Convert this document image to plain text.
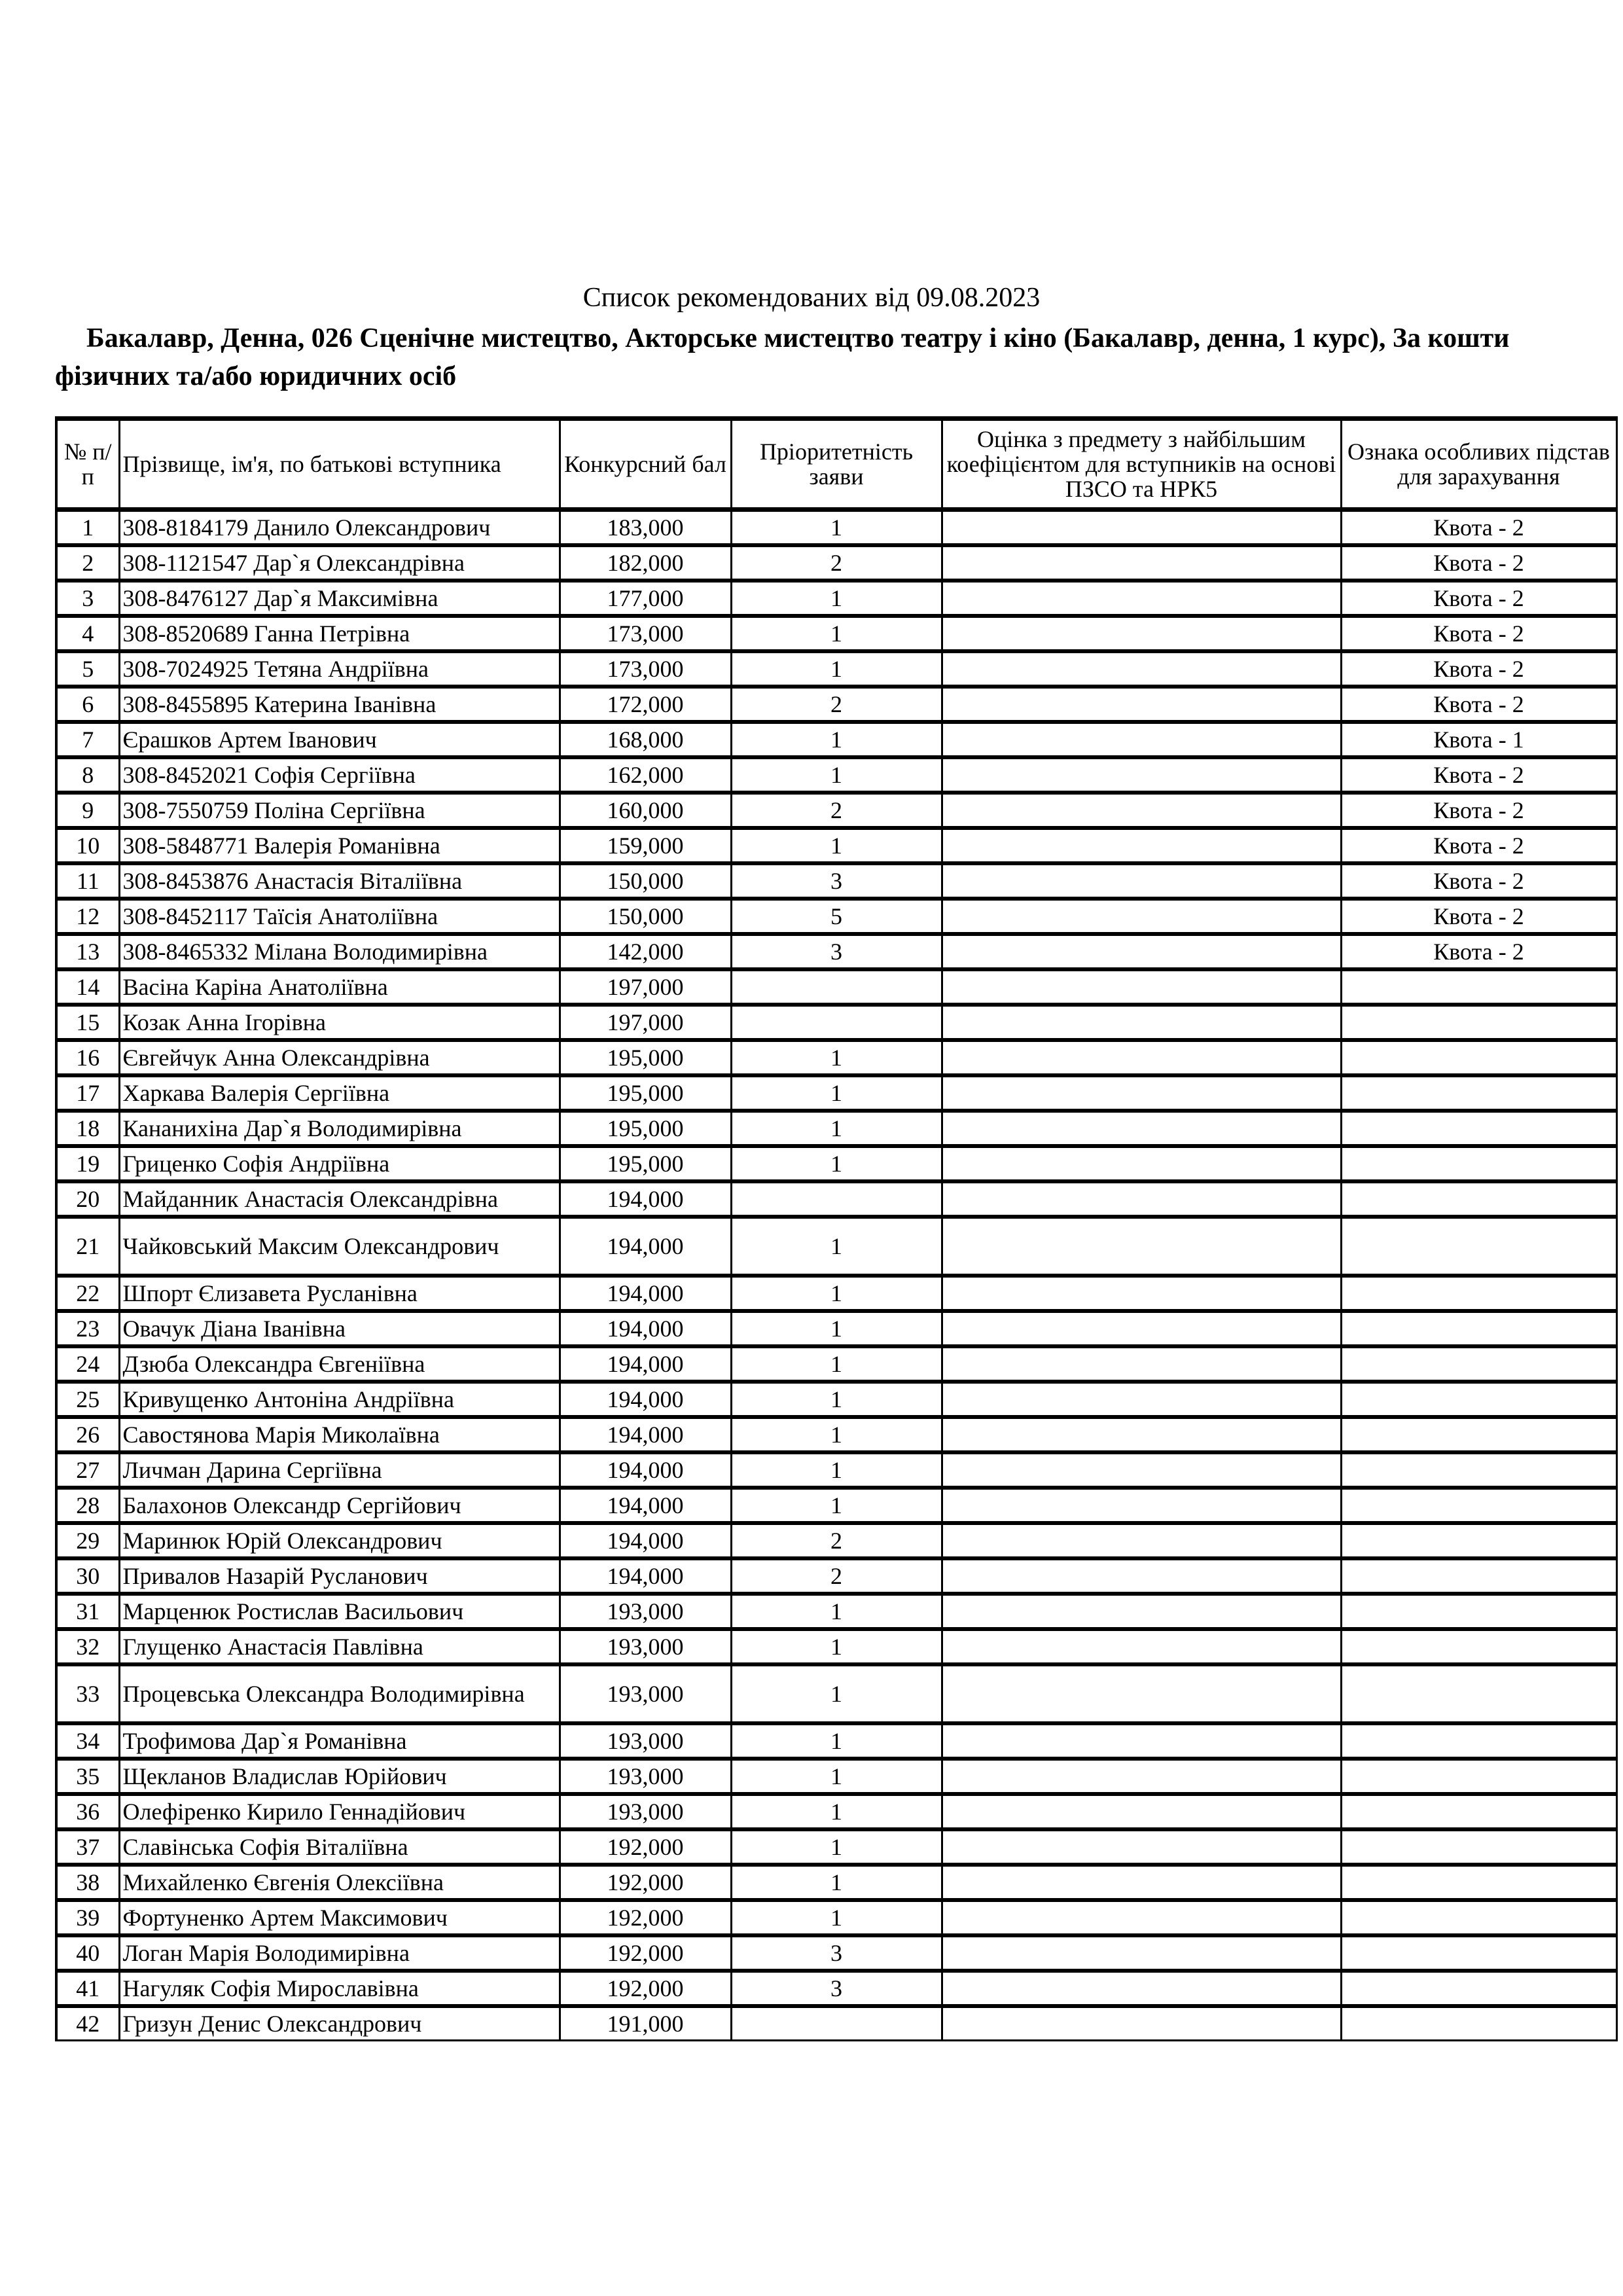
Список рекомендованих від 09.08.2023
Бакалавр, Денна, 026 Сценічне мистецтво, Акторське мистецтво театру і кіно (Бакалавр, денна, 1 курс), За кошти фізичних та/або юридичних осіб
№ п/п	Прізвище, ім'я, по батькові вступника	Конкурсний бал	Пріоритетність заяви	Оцінка з предмету з найбільшим коефіцієнтом для вступників на основі ПЗСО та НРК5	Ознака особливих підстав для зарахування
1	308-8184179 Данило Олександрович	183,000	1		Квота - 2
2	308-1121547 Дар`я Олександрівна	182,000	2		Квота - 2
3	308-8476127 Дар`я Максимівна	177,000	1		Квота - 2
4	308-8520689 Ганна Петрівна	173,000	1		Квота - 2
5	308-7024925 Тетяна Андріївна	173,000	1		Квота - 2
6	308-8455895 Катерина Іванівна	172,000	2		Квота - 2
7	Єрашков Артем Іванович	168,000	1		Квота - 1
8	308-8452021 Софія Сергіївна	162,000	1		Квота - 2
9	308-7550759 Поліна Сергіївна	160,000	2		Квота - 2
10	308-5848771 Валерія Романівна	159,000	1		Квота - 2
11	308-8453876 Анастасія Віталіївна	150,000	3		Квота - 2
12	308-8452117 Таїсія Анатоліївна	150,000	5		Квота - 2
13	308-8465332 Мілана Володимирівна	142,000	3		Квота - 2
14	Васіна Каріна Анатоліївна	197,000			
15	Козак Анна Ігорівна	197,000			
16	Євгейчук Анна Олександрівна	195,000	1		
17	Харкава Валерія Сергіївна	195,000	1		
18	Кананихіна Дар`я Володимирівна	195,000	1		
19	Гриценко Софія Андріївна	195,000	1		
20	Майданник Анастасія Олександрівна	194,000			
21	Чайковський Максим Олександрович	194,000	1		
22	Шпорт Єлизавета Русланівна	194,000	1		
23	Овачук Діана Іванівна	194,000	1		
24	Дзюба Олександра Євгеніївна	194,000	1		
25	Кривущенко Антоніна Андріївна	194,000	1		
26	Савостянова Марія Миколаївна	194,000	1		
27	Личман Дарина Сергіївна	194,000	1		
28	Балахонов Олександр Сергійович	194,000	1		
29	Маринюк Юрій Олександрович	194,000	2		
30	Привалов Назарій Русланович	194,000	2		
31	Марценюк Ростислав Васильович	193,000	1		
32	Глущенко Анастасія Павлівна	193,000	1		
33	Процевська Олександра Володимирівна	193,000	1		
34	Трофимова Дар`я Романівна	193,000	1		
35	Щекланов Владислав Юрійович	193,000	1		
36	Олефіренко Кирило Геннадійович	193,000	1		
37	Славінська Софія Віталіївна	192,000	1		
38	Михайленко Євгенія Олексіївна	192,000	1		
39	Фортуненко Артем Максимович	192,000	1		
40	Логан Марія Володимирівна	192,000	3		
41	Нагуляк Софія Мирославівна	192,000	3		
42	Гризун Денис Олександрович	191,000			
